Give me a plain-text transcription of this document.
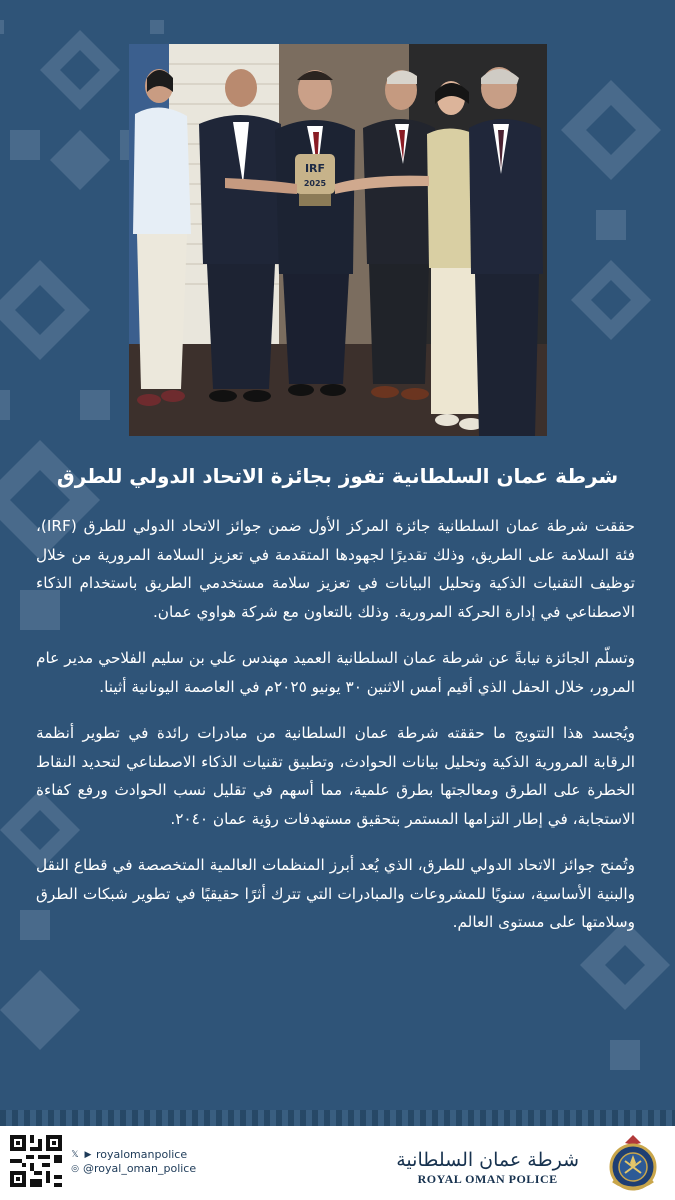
IRF
2025
شرطة عمان السلطانية تفوز بجائزة الاتحاد الدولي للطرق

حققت شرطة عمان السلطانية جائزة المركز الأول ضمن جوائز الاتحاد الدولي للطرق (IRF)، فئة السلامة على الطريق، وذلك تقديرًا لجهودها المتقدمة في تعزيز السلامة المرورية من خلال توظيف التقنيات الذكية وتحليل البيانات في تعزيز سلامة مستخدمي الطريق باستخدام الذكاء الاصطناعي في إدارة الحركة المرورية. وذلك بالتعاون مع شركة هواوي عمان.

وتسلّم الجائزة نيابةً عن شرطة عمان السلطانية العميد مهندس علي بن سليم الفلاحي مدير عام المرور، خلال الحفل الذي أقيم أمس الاثنين ٣٠ يونيو ٢٠٢٥م في العاصمة اليونانية أثينا.

ويُجسد هذا التتويج ما حققته شرطة عمان السلطانية من مبادرات رائدة في تطوير أنظمة الرقابة المرورية الذكية وتحليل بيانات الحوادث، وتطبيق تقنيات الذكاء الاصطناعي لتحديد النقاط الخطرة على الطرق ومعالجتها بطرق علمية، مما أسهم في تقليل نسب الحوادث ورفع كفاءة الاستجابة، في إطار التزامها المستمر بتحقيق مستهدفات رؤية عمان ٢٠٤٠.

وتُمنح جوائز الاتحاد الدولي للطرق، الذي يُعد أبرز المنظمات العالمية المتخصصة في قطاع النقل والبنية الأساسية، سنويًا للمشروعات والمبادرات التي تترك أثرًا حقيقيًا في تطوير شبكات الطرق وسلامتها على مستوى العالم.

𝕏 ▶ royalomanpolice
◎ @royal_oman_police	شرطة عمان السلطانية
ROYAL OMAN POLICE
